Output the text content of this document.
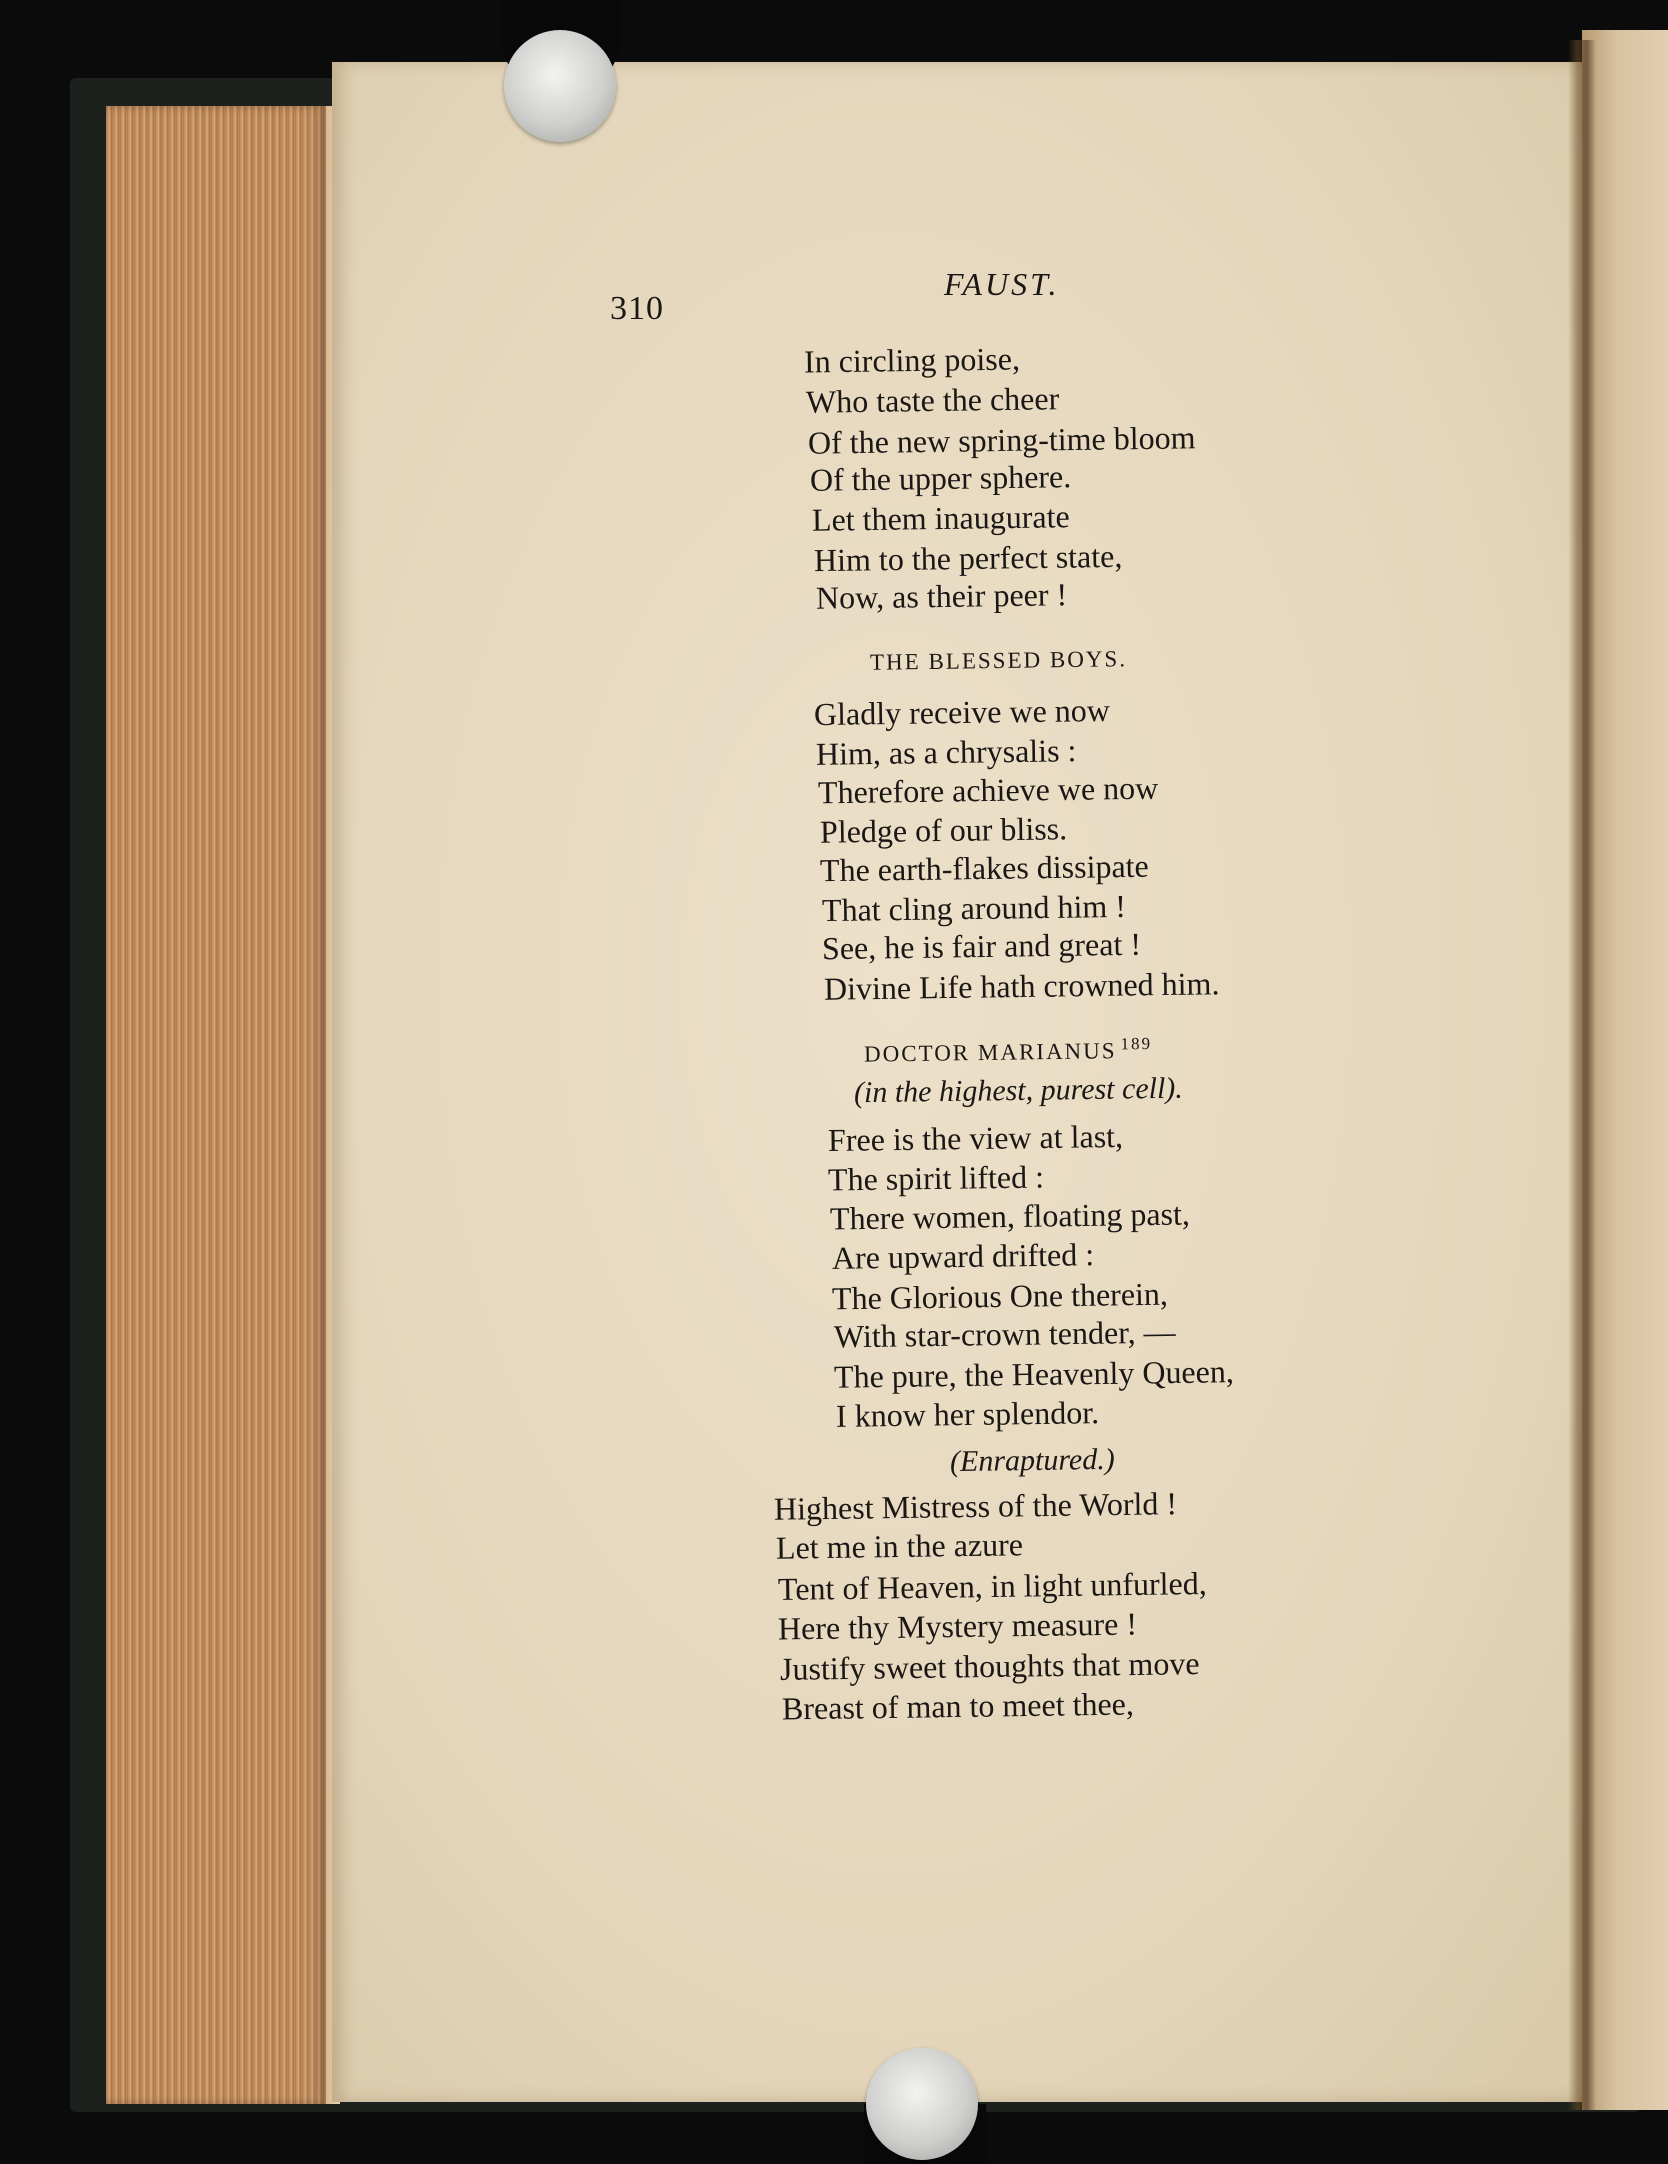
310
FAUST.
In circling poise,
Who taste the cheer
Of the new spring-time bloom
Of the upper sphere.
Let them inaugurate
Him to the perfect state,
Now, as their peer !
THE BLESSED BOYS.
Gladly receive we now
Him, as a chrysalis :
Therefore achieve we now
Pledge of our bliss.
The earth-flakes dissipate
That cling around him !
See, he is fair and great !
Divine Life hath crowned him.
DOCTOR MARIANUS $^{189}$
(in the highest, purest cell).
Free is the view at last,
The spirit lifted :
There women, floating past,
Are upward drifted :
The Glorious One therein,
With star-crown tender, —
The pure, the Heavenly Queen,
I know her splendor.
(Enraptured.)
Highest Mistress of the World !
Let me in the azure
Tent of Heaven, in light unfurled,
Here thy Mystery measure !
Justify sweet thoughts that move
Breast of man to meet thee,
